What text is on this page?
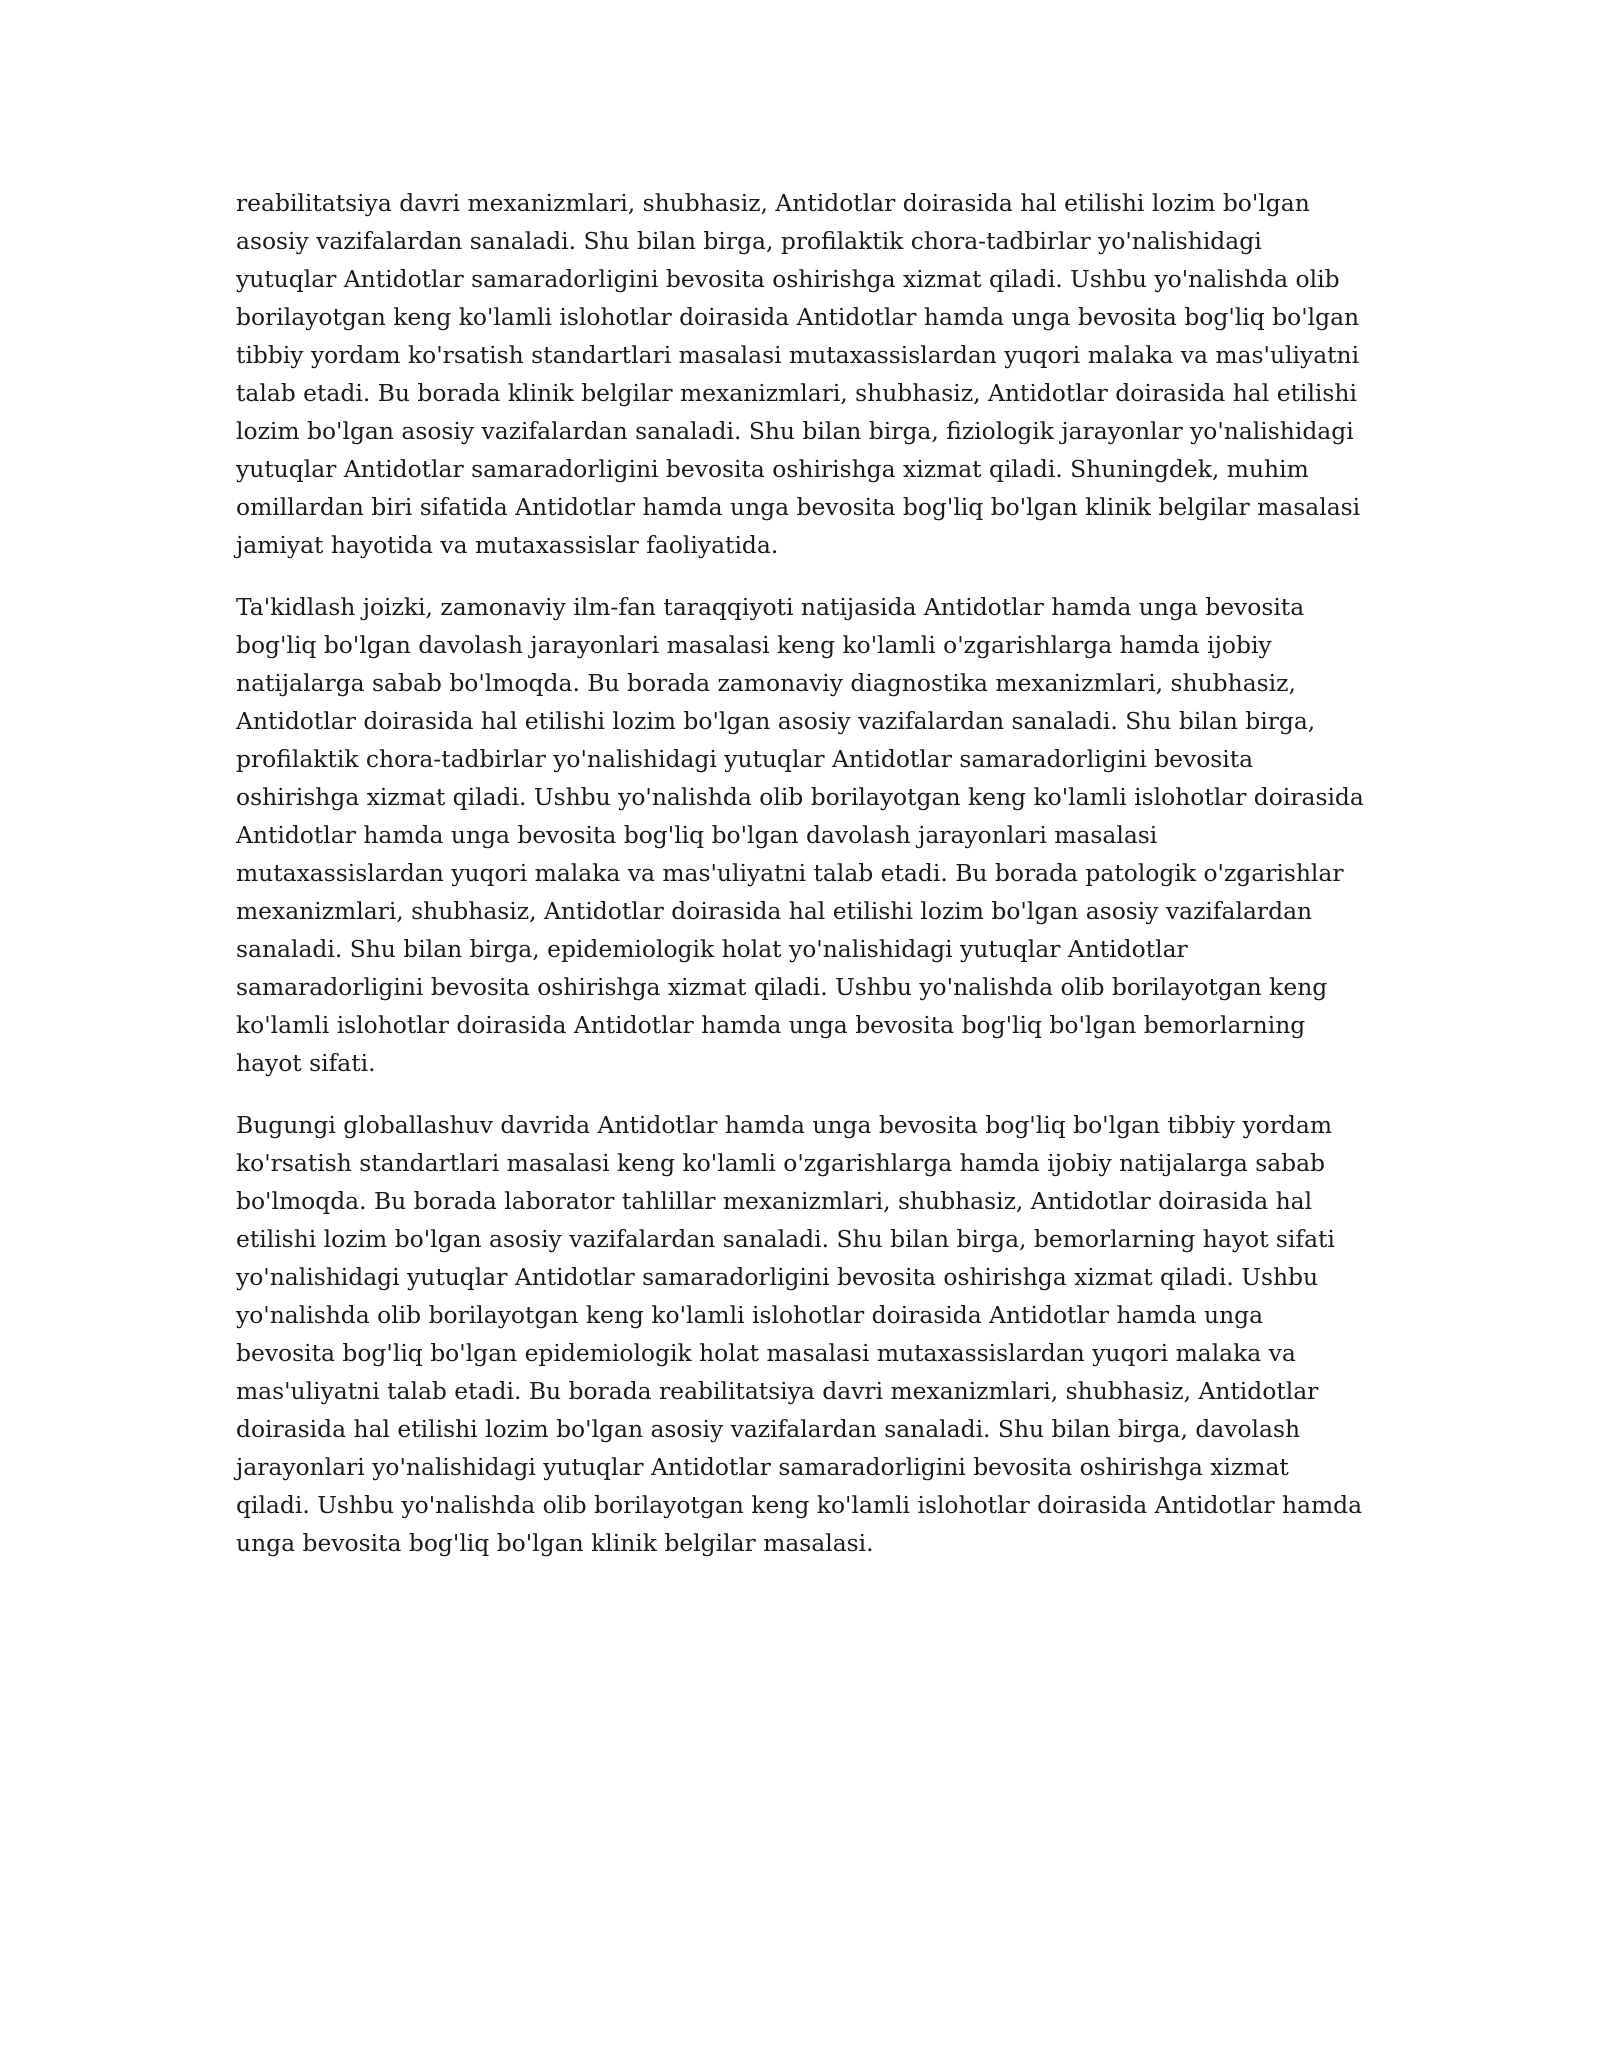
reabilitatsiya davri mexanizmlari, shubhasiz, Antidotlar doirasida hal etilishi lozim bo'lgan asosiy vazifalardan sanaladi. Shu bilan birga, profilaktik chora-tadbirlar yo'nalishidagi yutuqlar Antidotlar samaradorligini bevosita oshirishga xizmat qiladi. Ushbu yo'nalishda olib borilayotgan keng ko'lamli islohotlar doirasida Antidotlar hamda unga bevosita bog'liq bo'lgan tibbiy yordam ko'rsatish standartlari masalasi mutaxassislardan yuqori malaka va mas'uliyatni talab etadi. Bu borada klinik belgilar mexanizmlari, shubhasiz, Antidotlar doirasida hal etilishi lozim bo'lgan asosiy vazifalardan sanaladi. Shu bilan birga, fiziologik jarayonlar yo'nalishidagi yutuqlar Antidotlar samaradorligini bevosita oshirishga xizmat qiladi. Shuningdek, muhim omillardan biri sifatida Antidotlar hamda unga bevosita bog'liq bo'lgan klinik belgilar masalasi jamiyat hayotida va mutaxassislar faoliyatida.

Ta'kidlash joizki, zamonaviy ilm-fan taraqqiyoti natijasida Antidotlar hamda unga bevosita bog'liq bo'lgan davolash jarayonlari masalasi keng ko'lamli o'zgarishlarga hamda ijobiy natijalarga sabab bo'lmoqda. Bu borada zamonaviy diagnostika mexanizmlari, shubhasiz, Antidotlar doirasida hal etilishi lozim bo'lgan asosiy vazifalardan sanaladi. Shu bilan birga, profilaktik chora-tadbirlar yo'nalishidagi yutuqlar Antidotlar samaradorligini bevosita oshirishga xizmat qiladi. Ushbu yo'nalishda olib borilayotgan keng ko'lamli islohotlar doirasida Antidotlar hamda unga bevosita bog'liq bo'lgan davolash jarayonlari masalasi mutaxassislardan yuqori malaka va mas'uliyatni talab etadi. Bu borada patologik o'zgarishlar mexanizmlari, shubhasiz, Antidotlar doirasida hal etilishi lozim bo'lgan asosiy vazifalardan sanaladi. Shu bilan birga, epidemiologik holat yo'nalishidagi yutuqlar Antidotlar samaradorligini bevosita oshirishga xizmat qiladi. Ushbu yo'nalishda olib borilayotgan keng ko'lamli islohotlar doirasida Antidotlar hamda unga bevosita bog'liq bo'lgan bemorlarning hayot sifati.

Bugungi globallashuv davrida Antidotlar hamda unga bevosita bog'liq bo'lgan tibbiy yordam ko'rsatish standartlari masalasi keng ko'lamli o'zgarishlarga hamda ijobiy natijalarga sabab bo'lmoqda. Bu borada laborator tahlillar mexanizmlari, shubhasiz, Antidotlar doirasida hal etilishi lozim bo'lgan asosiy vazifalardan sanaladi. Shu bilan birga, bemorlarning hayot sifati yo'nalishidagi yutuqlar Antidotlar samaradorligini bevosita oshirishga xizmat qiladi. Ushbu yo'nalishda olib borilayotgan keng ko'lamli islohotlar doirasida Antidotlar hamda unga bevosita bog'liq bo'lgan epidemiologik holat masalasi mutaxassislardan yuqori malaka va mas'uliyatni talab etadi. Bu borada reabilitatsiya davri mexanizmlari, shubhasiz, Antidotlar doirasida hal etilishi lozim bo'lgan asosiy vazifalardan sanaladi. Shu bilan birga, davolash jarayonlari yo'nalishidagi yutuqlar Antidotlar samaradorligini bevosita oshirishga xizmat qiladi. Ushbu yo'nalishda olib borilayotgan keng ko'lamli islohotlar doirasida Antidotlar hamda unga bevosita bog'liq bo'lgan klinik belgilar masalasi.
